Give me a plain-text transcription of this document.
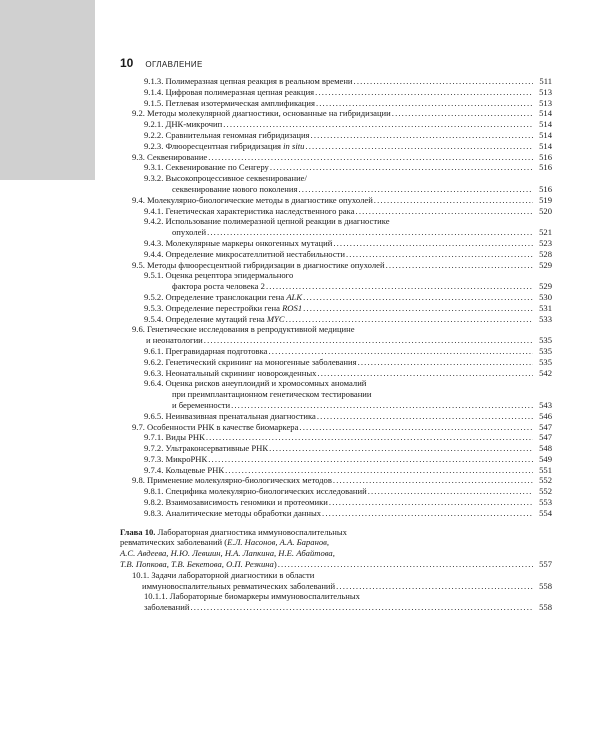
10 ОГЛАВЛЕНИЕ
9.1.3. Полимеразная цепная реакция в реальном времени . . .	511
9.1.4. Цифровая полимеразная цепная реакция . . .	513
9.1.5. Петлевая изотермическая амплификация . . .	513
9.2. Методы молекулярной диагностики, основанные на гибридизации . . .	514
9.2.1. ДНК-микрочип . . .	514
9.2.2. Сравнительная геномная гибридизация . . .	514
9.2.3. Флюоресцентная гибридизация in situ . . .	514
9.3. Секвенирование . . .	516
9.3.1. Секвенирование по Сенгеру . . .	516
9.3.2. Высокопроцессивное секвенирование/
секвенирование нового поколения . . .	516
9.4. Молекулярно-биологические методы в диагностике опухолей . . .	519
9.4.1. Генетическая характеристика наследственного рака . . .	520
9.4.2. Использование полимеразной цепной реакции в диагностике
опухолей . . .	521
9.4.3. Молекулярные маркеры онкогенных мутаций . . .	523
9.4.4. Определение микросателлитной нестабильности . . .	528
9.5. Методы флюоресцентной гибридизации в диагностике опухолей . . .	529
9.5.1. Оценка рецептора эпидермального
фактора роста человека 2 . . .	529
9.5.2. Определение транслокации гена ALK . . .	530
9.5.3. Определение перестройки гена ROS1 . . .	531
9.5.4. Определение мутаций гена MYC . . .	533
9.6. Генетические исследования в репродуктивной медицине
и неонатологии . . .	535
9.6.1. Прегравидарная подготовка . . .	535
9.6.2. Генетический скрининг на моногенные заболевания . . .	535
9.6.3. Неонатальный скрининг новорожденных . . .	542
9.6.4. Оценка рисков анеуплоидий и хромосомных аномалий
при преимплантационном генетическом тестировании
и беременности . . .	543
9.6.5. Неинвазивная пренатальная диагностика . . .	546
9.7. Особенности РНК в качестве биомаркера . . .	547
9.7.1. Виды РНК . . .	547
9.7.2. Ультраконсервативные РНК . . .	548
9.7.3. МикроРНК . . .	549
9.7.4. Кольцевые РНК . . .	551
9.8. Применение молекулярно-биологических методов . . .	552
9.8.1. Специфика молекулярно-биологических исследований . . .	552
9.8.2. Взаимозависимость геномики и протеомики . . .	553
9.8.3. Аналитические методы обработки данных . . .	554
Глава 10. Лабораторная диагностика иммуновоспалительных
ревматических заболеваний (Е.Л. Насонов, А.А. Баранов,
А.С. Авдеева, Н.Ю. Левшин, Н.А. Лапкина, Н.Е. Абайтова,
Т.В. Попкова, Т.В. Бекетова, О.П. Резкина) . . .	557
10.1. Задачи лабораторной диагностики в области
иммуновоспалительных ревматических заболеваний . . .	558
10.1.1. Лабораторные биомаркеры иммуновоспалительных
заболеваний . . .	558
